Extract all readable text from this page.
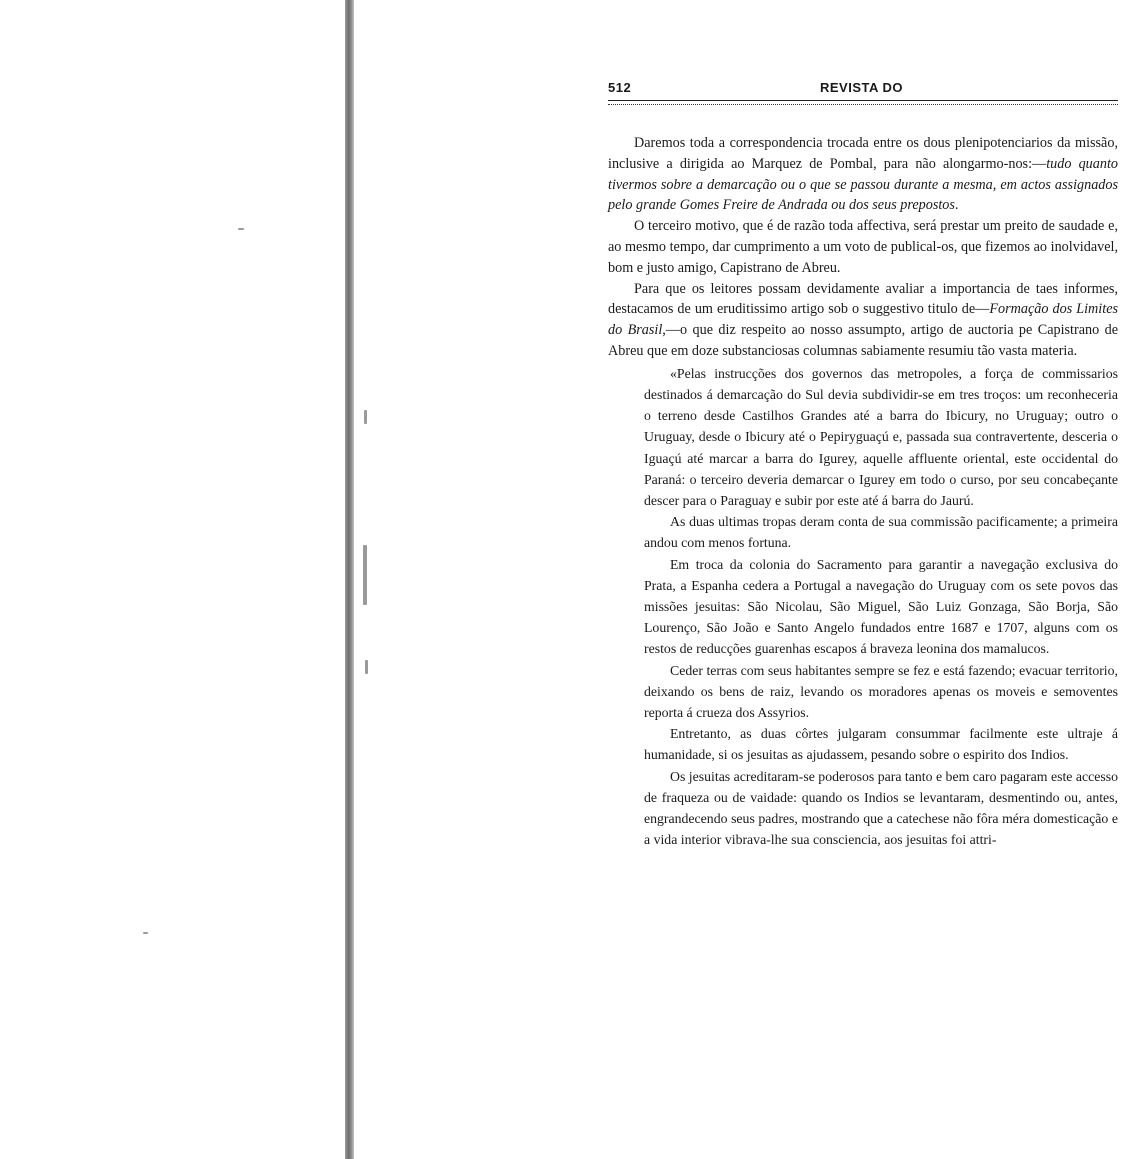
512	REVISTA DO

Daremos toda a correspondencia trocada entre os dous plenipotenciarios da missão, inclusive a dirigida ao Marquez de Pombal, para não alongarmo-nos:—tudo quanto tivermos sobre a demarcação ou o que se passou durante a mesma, em actos assignados pelo grande Gomes Freire de Andrada ou dos seus prepostos.

O terceiro motivo, que é de razão toda affectiva, será prestar um preito de saudade e, ao mesmo tempo, dar cumprimento a um voto de publical-os, que fizemos ao inolvidavel, bom e justo amigo, Capistrano de Abreu.

Para que os leitores possam devidamente avaliar a importancia de taes informes, destacamos de um eruditissimo artigo sob o suggestivo titulo de—Formação dos Limites do Brasil,—o que diz respeito ao nosso assumpto, artigo de auctoria pe Capistrano de Abreu que em doze substanciosas columnas sabiamente resumiu tão vasta materia.

«Pelas instrucções dos governos das metropoles, a força de commissarios destinados á demarcação do Sul devia subdividir-se em tres troços: um reconheceria o terreno desde Castilhos Grandes até a barra do Ibicury, no Uruguay; outro o Uruguay, desde o Ibicury até o Pepiryguaçú e, passada sua contravertente, desceria o Iguaçú até marcar a barra do Igurey, aquelle affluente oriental, este occidental do Paraná: o terceiro deveria demarcar o Igurey em todo o curso, por seu concabeçante descer para o Paraguay e subir por este até á barra do Jaurú.

As duas ultimas tropas deram conta de sua commissão pacificamente; a primeira andou com menos fortuna.

Em troca da colonia do Sacramento para garantir a navegação exclusiva do Prata, a Espanha cedera a Portugal a navegação do Uruguay com os sete povos das missões jesuitas: São Nicolau, São Miguel, São Luiz Gonzaga, São Borja, São Lourenço, São João e Santo Angelo fundados entre 1687 e 1707, alguns com os restos de reducções guarenhas escapos á braveza leonina dos mamalucos.

Ceder terras com seus habitantes sempre se fez e está fazendo; evacuar territorio, deixando os bens de raiz, levando os moradores apenas os moveis e semoventes reporta á crueza dos Assyrios.

Entretanto, as duas côrtes julgaram consummar facilmente este ultraje á humanidade, si os jesuitas as ajudassem, pesando sobre o espirito dos Indios.

Os jesuitas acreditaram-se poderosos para tanto e bem caro pagaram este accesso de fraqueza ou de vaidade: quando os Indios se levantaram, desmentindo ou, antes, engrandecendo seus padres, mostrando que a catechese não fôra méra domesticação e a vida interior vibrava-lhe sua consciencia, aos jesuitas foi attri-
